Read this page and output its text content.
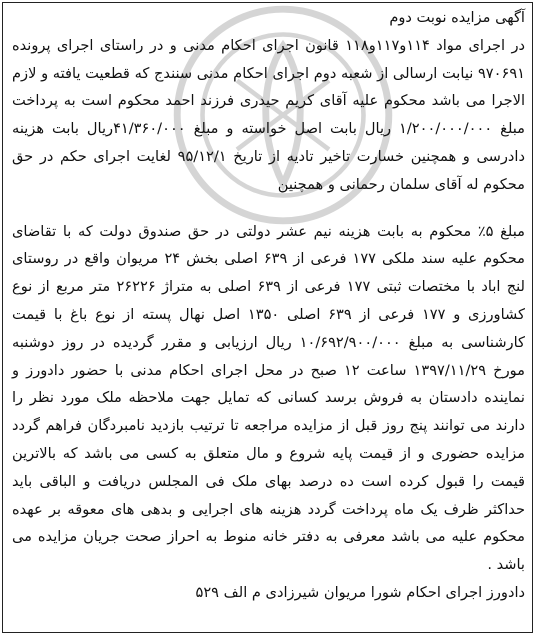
آگهی مزایده نوبت دوم

در اجرای مواد ۱۱۴و۱۱۷و۱۱۸ قانون اجرای احکام مدنی و در راستای اجرای پرونده ۹۷۰۶۹۱ نیابت ارسالی از شعبه دوم اجرای احکام مدنی سنندج که قطعیت یافته و لازم الاجرا می باشد محکوم علیه آقای کریم حیدری فرزند احمد محکوم است به پرداخت مبلغ ۱/۲۰۰/۰۰۰/۰۰۰ ریال بابت اصل خواسته و مبلغ ۴۱/۳۶۰/۰۰۰ریال بابت هزینه دادرسی و همچنین خسارت تاخیر تادیه از تاریخ ۹۵/۱۲/۱ لغایت اجرای حکم در حق محکوم له آقای سلمان رحمانی و همچنین

مبلغ ۵٪ محکوم به بابت هزینه نیم عشر دولتی در حق صندوق دولت که با تقاضای محکوم علیه سند ملکی ۱۷۷ فرعی از ۶۳۹ اصلی بخش ۲۴ مریوان واقع در روستای لنج اباد با مختصات ثبتی ۱۷۷ فرعی از ۶۳۹ اصلی به متراژ ۲۶۲۲۶ متر مربع از نوع کشاورزی و ۱۷۷ فرعی از ۶۳۹ اصلی ۱۳۵۰ اصل نهال پسته از نوع باغ با قیمت کارشناسی به مبلغ ۱۰/۶۹۲/۹۰۰/۰۰۰ ریال ارزیابی و مقرر گردیده در روز دوشنبه مورخ ۱۳۹۷/۱۱/۲۹ ساعت ۱۲ صبح در محل اجرای احکام مدنی با حضور دادورز و نماینده دادستان به فروش برسد کسانی که تمایل جهت ملاحظه ملک مورد نظر را دارند می توانند پنج روز قبل از مزایده مراجعه تا ترتیب بازدید نامبردگان فراهم گردد مزایده حضوری و از قیمت پایه شروع و مال متعلق به کسی می باشد که بالاترین قیمت را قبول کرده است ده درصد بهای ملک فی المجلس دریافت و الباقی باید حداکثر ظرف یک ماه پرداخت گردد هزینه های اجرایی و بدهی های معوقه بر عهده محکوم علیه می باشد معرفی به دفتر خانه منوط به احراز صحت جریان مزایده می باشد .

دادورز اجرای احکام شورا مریوان شیرزادی م الف ۵۲۹
